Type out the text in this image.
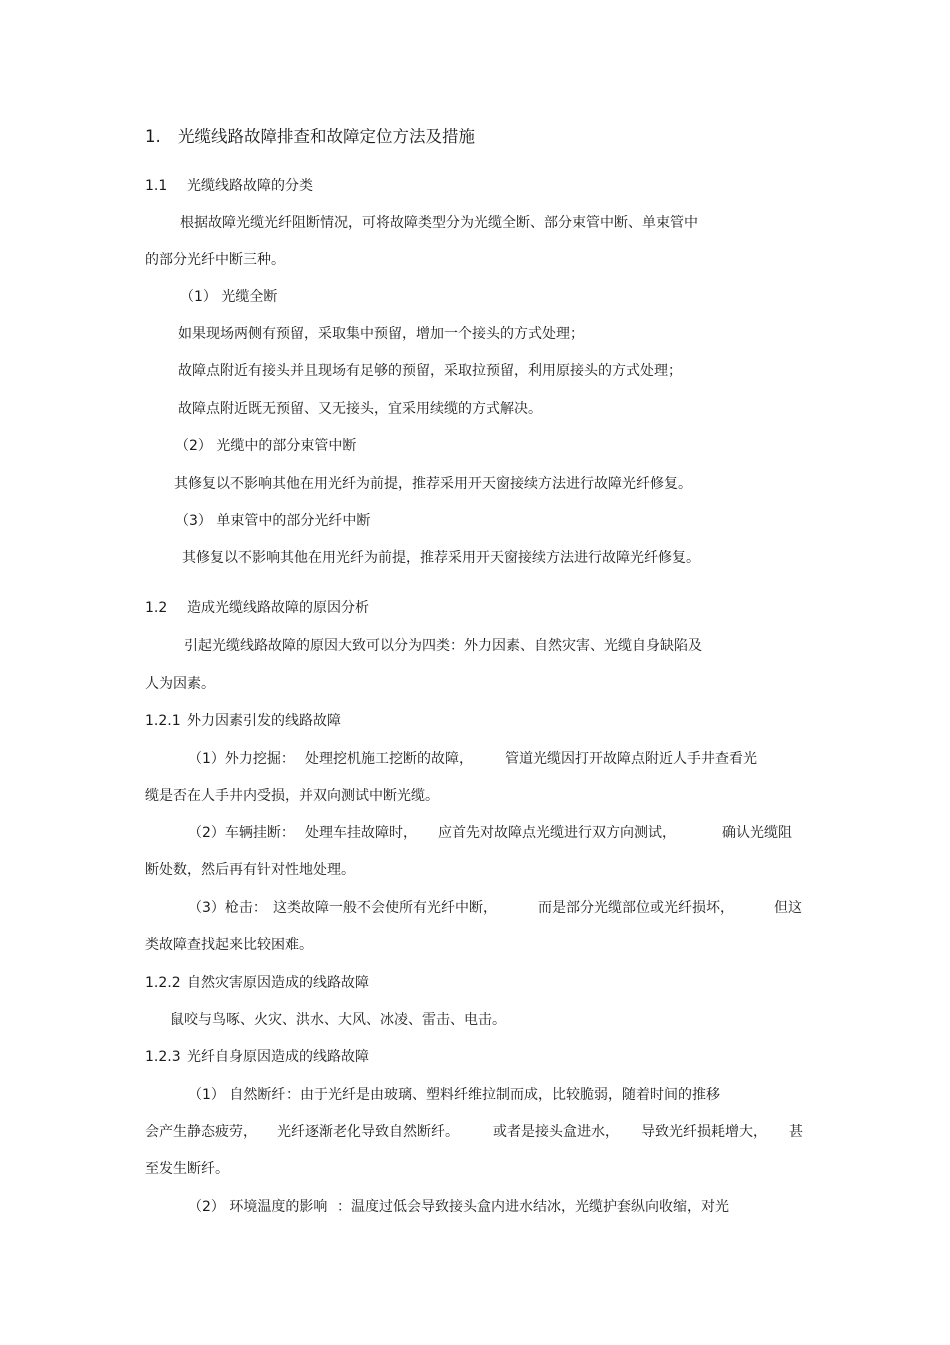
1. 光缆线路故障排查和故障定位方法及措施
1.1 光缆线路故障的分类
根据故障光缆光纤阻断情况，可将故障类型分为光缆全断、部分束管中断、单束管中
的部分光纤中断三种。
（1） 光缆全断
如果现场两侧有预留，采取集中预留，增加一个接头的方式处理；
故障点附近有接头并且现场有足够的预留，采取拉预留，利用原接头的方式处理；
故障点附近既无预留、又无接头，宜采用续缆的方式解决。
（2） 光缆中的部分束管中断
其修复以不影响其他在用光纤为前提，推荐采用开天窗接续方法进行故障光纤修复。
（3） 单束管中的部分光纤中断
其修复以不影响其他在用光纤为前提，推荐采用开天窗接续方法进行故障光纤修复。
1.2 造成光缆线路故障的原因分析
引起光缆线路故障的原因大致可以分为四类：外力因素、自然灾害、光缆自身缺陷及
人为因素。
1.2.1 外力因素引发的线路故障
（1）外力挖掘： 处理挖机施工挖断的故障， 管道光缆因打开故障点附近人手井查看光
缆是否在人手井内受损，并双向测试中断光缆。
（2）车辆挂断： 处理车挂故障时， 应首先对故障点光缆进行双方向测试，	确认光缆阻
断处数，然后再有针对性地处理。
（3）枪击： 这类故障一般不会使所有光纤中断，	而是部分光缆部位或光纤损坏，	但这
类故障查找起来比较困难。
1.2.2 自然灾害原因造成的线路故障
鼠咬与鸟啄、火灾、洪水、大风、冰凌、雷击、电击。
1.2.3 光纤自身原因造成的线路故障
（1） 自然断纤 ：由于光纤是由玻璃、塑料纤维拉制而成，比较脆弱，随着时间的推移
会产生静态疲劳， 光纤逐渐老化导致自然断纤。 或者是接头盒进水， 导致光纤损耗增大， 甚
至发生断纤。
（2） 环境温度的影响 ：温度过低会导致接头盒内进水结冰，光缆护套纵向收缩，对光
